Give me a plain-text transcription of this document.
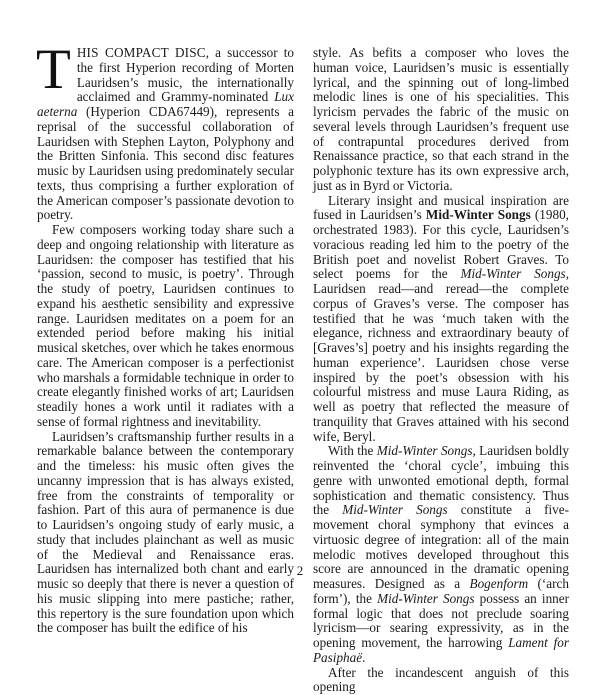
THIS COMPACT DISC, a successor to the first Hyperion recording of Morten Lauridsen’s music, the internationally acclaimed and Grammy-nominated Lux aeterna (Hyperion CDA67449), represents a reprisal of the successful collaboration of Lauridsen with Stephen Layton, Polyphony and the Britten Sinfonia. This second disc features music by Lauridsen using predominately secular texts, thus comprising a further exploration of the American composer’s passionate devotion to poetry.

Few composers working today share such a deep and ongoing relationship with literature as Lauridsen: the composer has testified that his ‘passion, second to music, is poetry’. Through the study of poetry, Lauridsen continues to expand his aesthetic sensibility and expressive range. Lauridsen meditates on a poem for an extended period before making his initial musical sketches, over which he takes enormous care. The American composer is a perfectionist who marshals a formidable technique in order to create elegantly finished works of art; Lauridsen steadily hones a work until it radiates with a sense of formal rightness and inevitability.

Lauridsen’s craftsmanship further results in a remarkable balance between the contemporary and the timeless: his music often gives the uncanny impression that is has always existed, free from the constraints of temporality or fashion. Part of this aura of permanence is due to Lauridsen’s ongoing study of early music, a study that includes plainchant as well as music of the Medieval and Renaissance eras. Lauridsen has internalized both chant and early music so deeply that there is never a question of his music slipping into mere pastiche; rather, this repertory is the sure foundation upon which the composer has built the edifice of his

style. As befits a composer who loves the human voice, Lauridsen’s music is essentially lyrical, and the spinning out of long-limbed melodic lines is one of his specialities. This lyricism pervades the fabric of the music on several levels through Lauridsen’s frequent use of contrapuntal procedures derived from Renaissance practice, so that each strand in the polyphonic texture has its own expressive arch, just as in Byrd or Victoria.

Literary insight and musical inspiration are fused in Lauridsen’s Mid-Winter Songs (1980, orchestrated 1983). For this cycle, Lauridsen’s voracious reading led him to the poetry of the British poet and novelist Robert Graves. To select poems for the Mid-Winter Songs, Lauridsen read—and reread—the complete corpus of Graves’s verse. The composer has testified that he was ‘much taken with the elegance, richness and extraordinary beauty of [Graves’s] poetry and his insights regarding the human experience’. Lauridsen chose verse inspired by the poet’s obsession with his colourful mistress and muse Laura Riding, as well as poetry that reflected the measure of tranquility that Graves attained with his second wife, Beryl.

With the Mid-Winter Songs, Lauridsen boldly reinvented the ‘choral cycle’, imbuing this genre with unwonted emotional depth, formal sophistication and thematic consistency. Thus the Mid-Winter Songs constitute a five-movement choral symphony that evinces a virtuosic degree of integration: all of the main melodic motives developed throughout this score are announced in the dramatic opening measures. Designed as a Bogenform (‘arch form’), the Mid-Winter Songs possess an inner formal logic that does not preclude soaring lyricism—or searing expressivity, as in the opening movement, the harrowing Lament for Pasiphaë.

After the incandescent anguish of this opening

2
